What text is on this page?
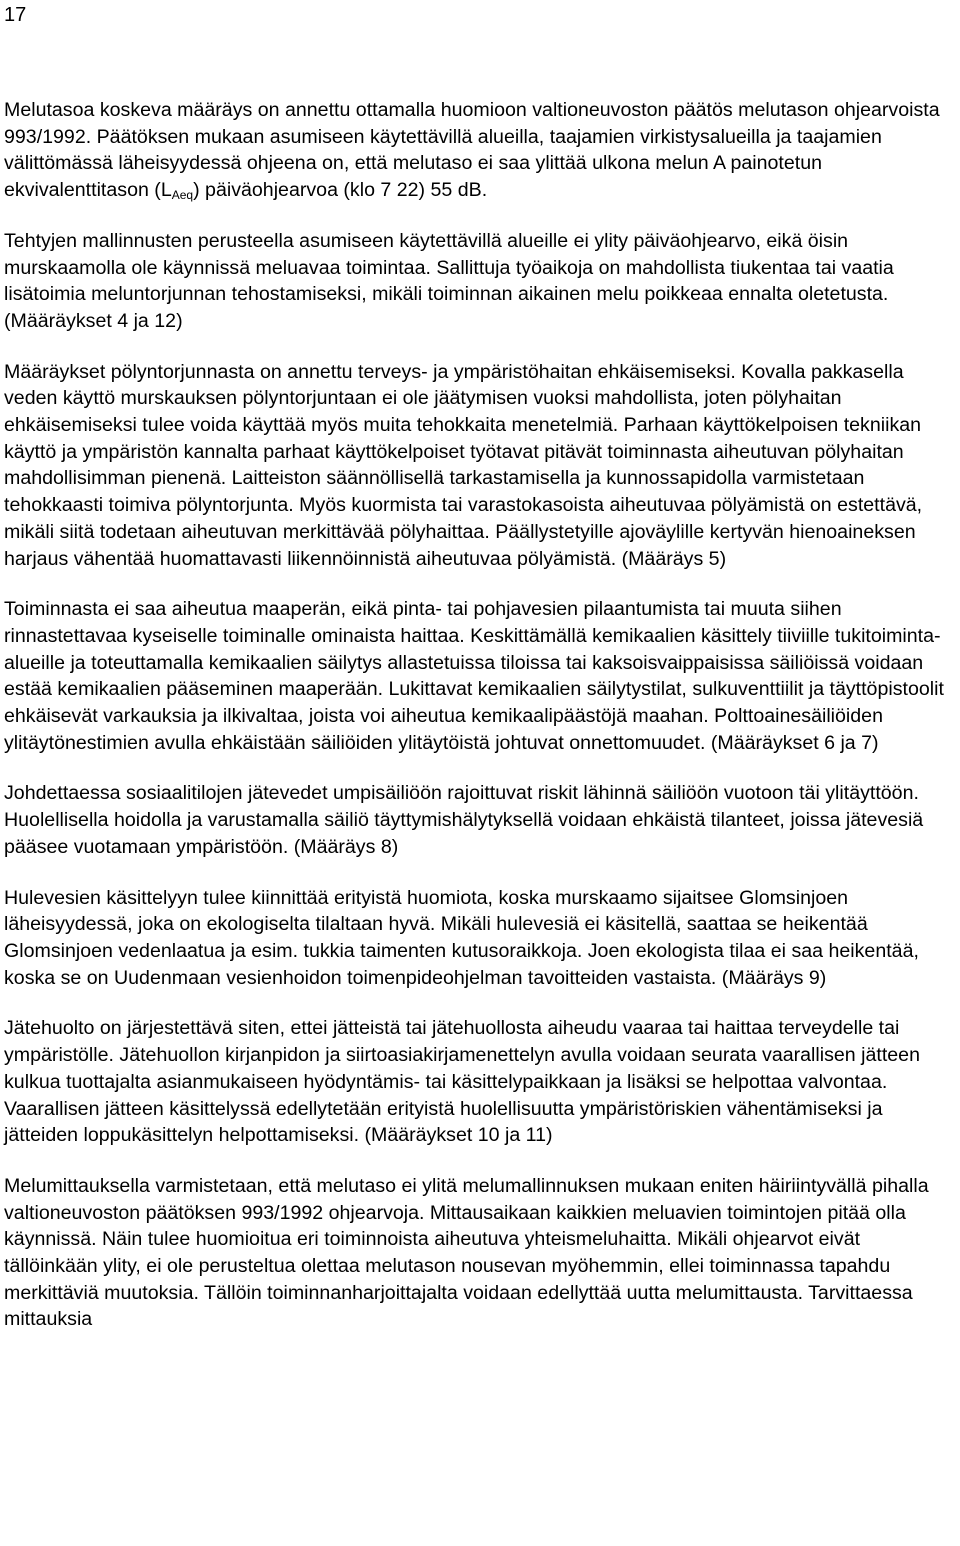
17

Melutasoa koskeva määräys on annettu ottamalla huomioon valtioneuvoston päätös melutason ohjearvoista 993/1992. Päätöksen mukaan asumiseen käytettävillä alueilla, taajamien virkistysalueilla ja taajamien välittömässä läheisyydessä ohjeena on, että melutaso ei saa ylittää ulkona melun A painotetun ekvivalenttitason $(L_{Aeq})$ päiväohjearvoa (klo 7 22) 55 dB.

Tehtyjen mallinnusten perusteella asumiseen käytettävillä alueille ei ylity päiväohjearvo, eikä öisin murskaamolla ole käynnissä meluavaa toimintaa. Sallittuja työaikoja on mahdollista tiukentaa tai vaatia lisätoimia meluntorjunnan tehostamiseksi, mikäli toiminnan aikainen melu poikkeaa ennalta oletetusta. (Määräykset 4 ja 12)

Määräykset pölyntorjunnasta on annettu terveys- ja ympäristöhaitan ehkäisemiseksi. Kovalla pakkasella veden käyttö murskauksen pölyntorjuntaan ei ole jäätymisen vuoksi mahdollista, joten pölyhaitan ehkäisemiseksi tulee voida käyttää myös muita tehokkaita menetelmiä. Parhaan käyttökelpoisen tekniikan käyttö ja ympäristön kannalta parhaat käyttökelpoiset työtavat pitävät toiminnasta aiheutuvan pölyhaitan mahdollisimman pienenä. Laitteiston säännöllisellä tarkastamisella ja kunnossapidolla varmistetaan tehokkaasti toimiva pölyntorjunta. Myös kuormista tai varastokasoista aiheutuvaa pölyämistä on estettävä, mikäli siitä todetaan aiheutuvan merkittävää pölyhaittaa. Päällystetyille ajoväylille kertyvän hienoaineksen harjaus vähentää huomattavasti liikennöinnistä aiheutuvaa pölyämistä. (Määräys 5)

Toiminnasta ei saa aiheutua maaperän, eikä pinta- tai pohjavesien pilaantumista tai muuta siihen rinnastettavaa kyseiselle toiminalle ominaista haittaa. Keskittämällä kemikaalien käsittely tiiviille tukitoiminta-alueille ja toteuttamalla kemikaalien säilytys allastetuissa tiloissa tai kaksoisvaippaisissa säiliöissä voidaan estää kemikaalien pääseminen maaperään. Lukittavat kemikaalien säilytystilat, sulkuventtiilit ja täyttöpistoolit ehkäisevät varkauksia ja ilkivaltaa, joista voi aiheutua kemikaalipäästöjä maahan. Polttoainesäiliöiden ylitäytönestimien avulla ehkäistään säiliöiden ylitäytöistä johtuvat onnettomuudet. (Määräykset 6 ja 7)

Johdettaessa sosiaalitilojen jätevedet umpisäiliöön rajoittuvat riskit lähinnä säiliöön vuotoon täi ylitäyttöön. Huolellisella hoidolla ja varustamalla säiliö täyttymishälytyksellä voidaan ehkäistä tilanteet, joissa jätevesiä pääsee vuotamaan ympäristöön. (Määräys 8)

Hulevesien käsittelyyn tulee kiinnittää erityistä huomiota, koska murskaamo sijaitsee Glomsinjoen läheisyydessä, joka on ekologiselta tilaltaan hyvä. Mikäli hulevesiä ei käsitellä, saattaa se heikentää Glomsinjoen vedenlaatua ja esim. tukkia taimenten kutusoraikkoja. Joen ekologista tilaa ei saa heikentää, koska se on Uudenmaan vesienhoidon toimenpideohjelman tavoitteiden vastaista. (Määräys 9)

Jätehuolto on järjestettävä siten, ettei jätteistä tai jätehuollosta aiheudu vaaraa tai haittaa terveydelle tai ympäristölle. Jätehuollon kirjanpidon ja siirtoasiakirjamenettelyn avulla voidaan seurata vaarallisen jätteen kulkua tuottajalta asianmukaiseen hyödyntämis- tai käsittelypaikkaan ja lisäksi se helpottaa valvontaa. Vaarallisen jätteen käsittelyssä edellytetään erityistä huolellisuutta ympäristöriskien vähentämiseksi ja jätteiden loppukäsittelyn helpottamiseksi. (Määräykset 10 ja 11)

Melumittauksella varmistetaan, että melutaso ei ylitä melumallinnuksen mukaan eniten häiriintyvällä pihalla valtioneuvoston päätöksen 993/1992 ohjearvoja. Mittausaikaan kaikkien meluavien toimintojen pitää olla käynnissä. Näin tulee huomioitua eri toiminnoista aiheutuva yhteismeluhaitta. Mikäli ohjearvot eivät tällöinkään ylity, ei ole perusteltua olettaa melutason nousevan myöhemmin, ellei toiminnassa tapahdu merkittäviä muutoksia. Tällöin toiminnanharjoittajalta voidaan edellyttää uutta melumittausta. Tarvittaessa mittauksia
